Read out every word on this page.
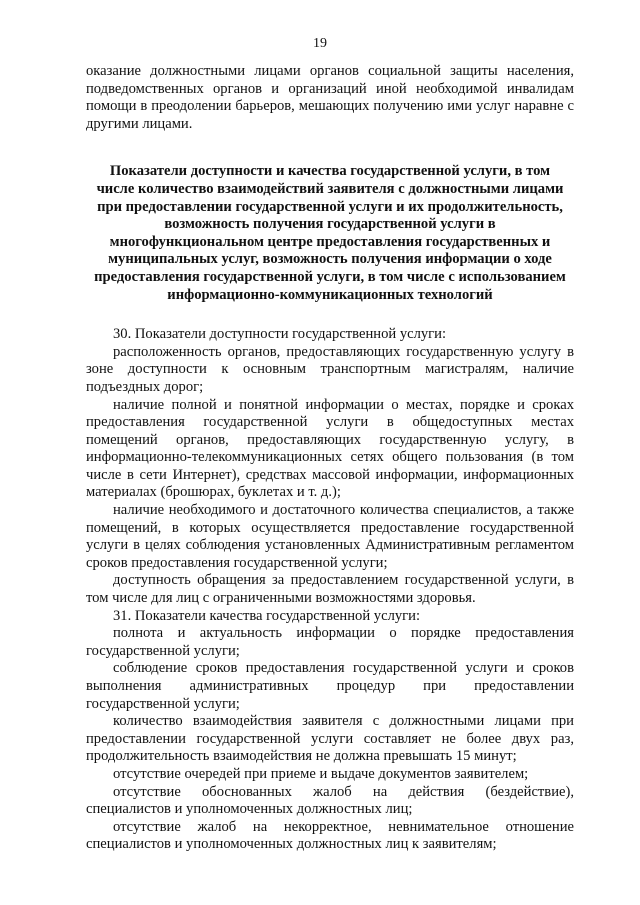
19

оказание должностными лицами органов социальной защиты населения, подведомственных органов и организаций иной необходимой инвалидам помощи в преодолении барьеров, мешающих получению ими услуг наравне с другими лицами.

Показатели доступности и качества государственной услуги, в том числе количество взаимодействий заявителя с должностными лицами при предоставлении государственной услуги и их продолжительность, возможность получения государственной услуги в многофункциональном центре предоставления государственных и муниципальных услуг, возможность получения информации о ходе предоставления государственной услуги, в том числе с использованием информационно-коммуникационных технологий

30. Показатели доступности государственной услуги:

расположенность органов, предоставляющих государственную услугу в зоне доступности к основным транспортным магистралям, наличие подъездных дорог;

наличие полной и понятной информации о местах, порядке и сроках предоставления государственной услуги в общедоступных местах помещений органов, предоставляющих государственную услугу, в информационно-телекоммуникационных сетях общего пользования (в том числе в сети Интернет), средствах массовой информации, информационных материалах (брошюрах, буклетах и т. д.);

наличие необходимого и достаточного количества специалистов, а также помещений, в которых осуществляется предоставление государственной услуги в целях соблюдения установленных Административным регламентом сроков предоставления государственной услуги;

доступность обращения за предоставлением государственной услуги, в том числе для лиц с ограниченными возможностями здоровья.

31. Показатели качества государственной услуги:

полнота и актуальность информации о порядке предоставления государственной услуги;

соблюдение сроков предоставления государственной услуги и сроков выполнения административных процедур при предоставлении государственной услуги;

количество взаимодействия заявителя с должностными лицами при предоставлении государственной услуги составляет не более двух раз, продолжительность взаимодействия не должна превышать 15 минут;

отсутствие очередей при приеме и выдаче документов заявителем;

отсутствие обоснованных жалоб на действия (бездействие), специалистов и уполномоченных должностных лиц;

отсутствие жалоб на некорректное, невнимательное отношение специалистов и уполномоченных должностных лиц к заявителям;
